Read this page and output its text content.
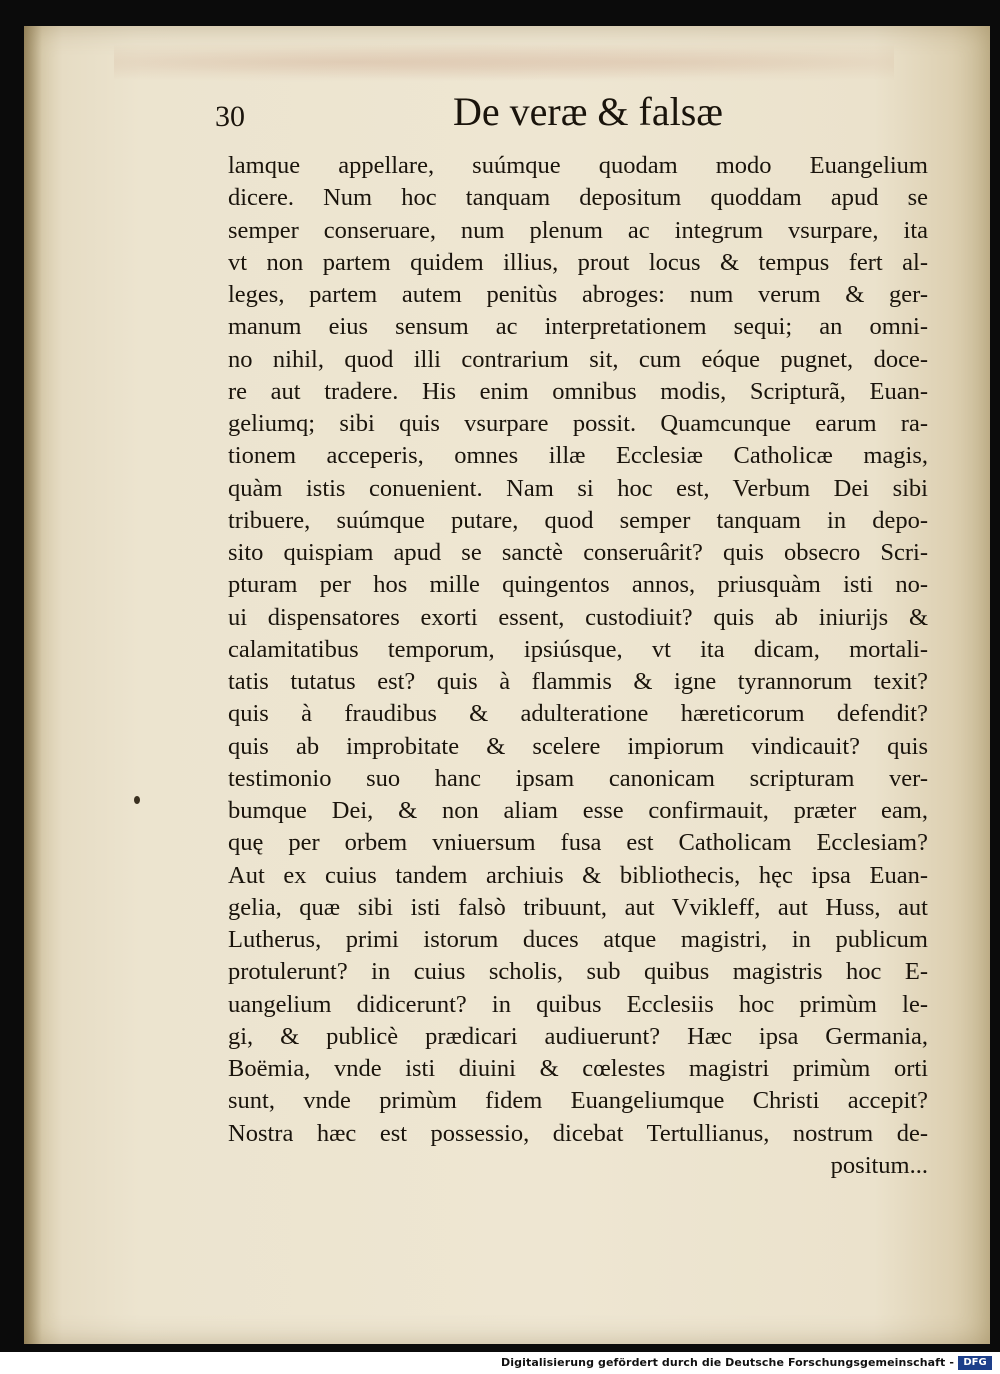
30	De veræ & falsæ
lamque appellare, suúmque quodam modo Euangelium
dicere. Num hoc tanquam depositum quoddam apud se
semper conseruare, num plenum ac integrum vsurpare, ita
vt non partem quidem illius, prout locus & tempus fert al-
leges, partem autem penitùs abroges: num verum & ger-
manum eius sensum ac interpretationem sequi; an omni-
no nihil, quod illi contrarium sit, cum eóque pugnet, doce-
re aut tradere. His enim omnibus modis, Scripturã, Euan-
geliumq; sibi quis vsurpare possit. Quamcunque earum ra-
tionem acceperis, omnes illæ Ecclesiæ Catholicæ magis,
quàm istis conuenient. Nam si hoc est, Verbum Dei sibi
tribuere, suúmque putare, quod semper tanquam in depo-
sito quispiam apud se sanctè conseruârit? quis obsecro Scri-
pturam per hos mille quingentos annos, priusquàm isti no-
ui dispensatores exorti essent, custodiuit? quis ab iniurijs &
calamitatibus temporum, ipsiúsque, vt ita dicam, mortali-
tatis tutatus est? quis à flammis & igne tyrannorum texit?
quis à fraudibus & adulteratione hæreticorum defendit?
quis ab improbitate & scelere impiorum vindicauit? quis
testimonio suo hanc ipsam canonicam scripturam ver-
bumque Dei, & non aliam esse confirmauit, præter eam,
quę per orbem vniuersum fusa est Catholicam Ecclesiam?
Aut ex cuius tandem archiuis & bibliothecis, hęc ipsa Euan-
gelia, quæ sibi isti falsò tribuunt, aut Vvikleff, aut Huss, aut
Lutherus, primi istorum duces atque magistri, in publicum
protulerunt? in cuius scholis, sub quibus magistris hoc E-
uangelium didicerunt? in quibus Ecclesiis hoc primùm le-
gi, & publicè prædicari audiuerunt? Hæc ipsa Germania,
Boëmia, vnde isti diuini & cœlestes magistri primùm orti
sunt, vnde primùm fidem Euangeliumque Christi accepit?
Nostra hæc est possessio, dicebat Tertullianus, nostrum de-
positum...
Digitalisierung gefördert durch die Deutsche Forschungsgemeinschaft - DFG
